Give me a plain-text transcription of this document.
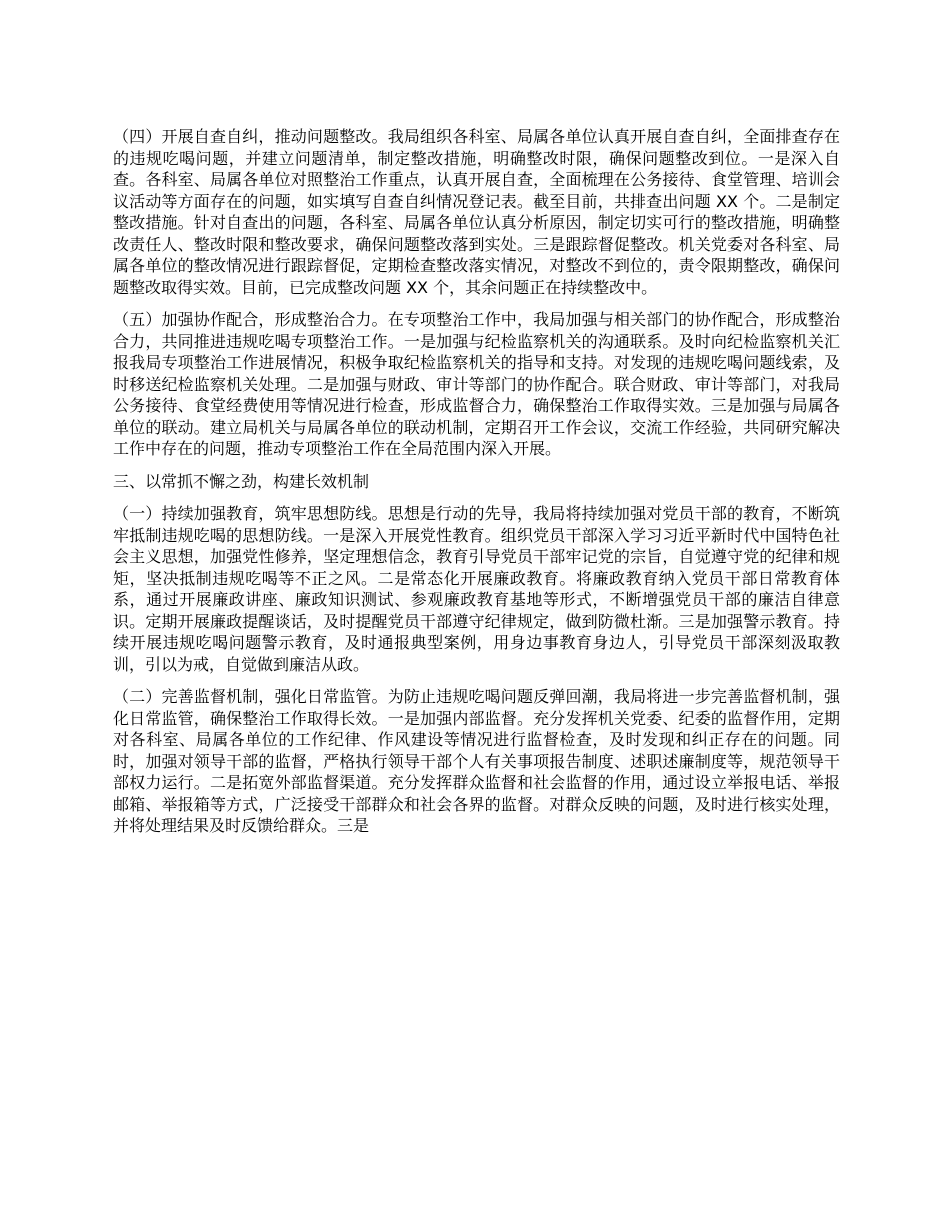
（四）开展自查自纠，推动问题整改。我局组织各科室、局属各单位认真开展自查自纠，全面排查存在的违规吃喝问题，并建立问题清单，制定整改措施，明确整改时限，确保问题整改到位。一是深入自查。各科室、局属各单位对照整治工作重点，认真开展自查，全面梳理在公务接待、食堂管理、培训会议活动等方面存在的问题，如实填写自查自纠情况登记表。截至目前，共排查出问题 XX 个。二是制定整改措施。针对自查出的问题，各科室、局属各单位认真分析原因，制定切实可行的整改措施，明确整改责任人、整改时限和整改要求，确保问题整改落到实处。三是跟踪督促整改。机关党委对各科室、局属各单位的整改情况进行跟踪督促，定期检查整改落实情况，对整改不到位的，责令限期整改，确保问题整改取得实效。目前，已完成整改问题 XX 个，其余问题正在持续整改中。

（五）加强协作配合，形成整治合力。在专项整治工作中，我局加强与相关部门的协作配合，形成整治合力，共同推进违规吃喝专项整治工作。一是加强与纪检监察机关的沟通联系。及时向纪检监察机关汇报我局专项整治工作进展情况，积极争取纪检监察机关的指导和支持。对发现的违规吃喝问题线索，及时移送纪检监察机关处理。二是加强与财政、审计等部门的协作配合。联合财政、审计等部门，对我局公务接待、食堂经费使用等情况进行检查，形成监督合力，确保整治工作取得实效。三是加强与局属各单位的联动。建立局机关与局属各单位的联动机制，定期召开工作会议，交流工作经验，共同研究解决工作中存在的问题，推动专项整治工作在全局范围内深入开展。

三、以常抓不懈之劲，构建长效机制

（一）持续加强教育，筑牢思想防线。思想是行动的先导，我局将持续加强对党员干部的教育，不断筑牢抵制违规吃喝的思想防线。一是深入开展党性教育。组织党员干部深入学习习近平新时代中国特色社会主义思想，加强党性修养，坚定理想信念，教育引导党员干部牢记党的宗旨，自觉遵守党的纪律和规矩，坚决抵制违规吃喝等不正之风。二是常态化开展廉政教育。将廉政教育纳入党员干部日常教育体系，通过开展廉政讲座、廉政知识测试、参观廉政教育基地等形式，不断增强党员干部的廉洁自律意识。定期开展廉政提醒谈话，及时提醒党员干部遵守纪律规定，做到防微杜渐。三是加强警示教育。持续开展违规吃喝问题警示教育，及时通报典型案例，用身边事教育身边人，引导党员干部深刻汲取教训，引以为戒，自觉做到廉洁从政。

（二）完善监督机制，强化日常监管。为防止违规吃喝问题反弹回潮，我局将进一步完善监督机制，强化日常监管，确保整治工作取得长效。一是加强内部监督。充分发挥机关党委、纪委的监督作用，定期对各科室、局属各单位的工作纪律、作风建设等情况进行监督检查，及时发现和纠正存在的问题。同时，加强对领导干部的监督，严格执行领导干部个人有关事项报告制度、述职述廉制度等，规范领导干部权力运行。二是拓宽外部监督渠道。充分发挥群众监督和社会监督的作用，通过设立举报电话、举报邮箱、举报箱等方式，广泛接受干部群众和社会各界的监督。对群众反映的问题，及时进行核实处理，并将处理结果及时反馈给群众。三是
